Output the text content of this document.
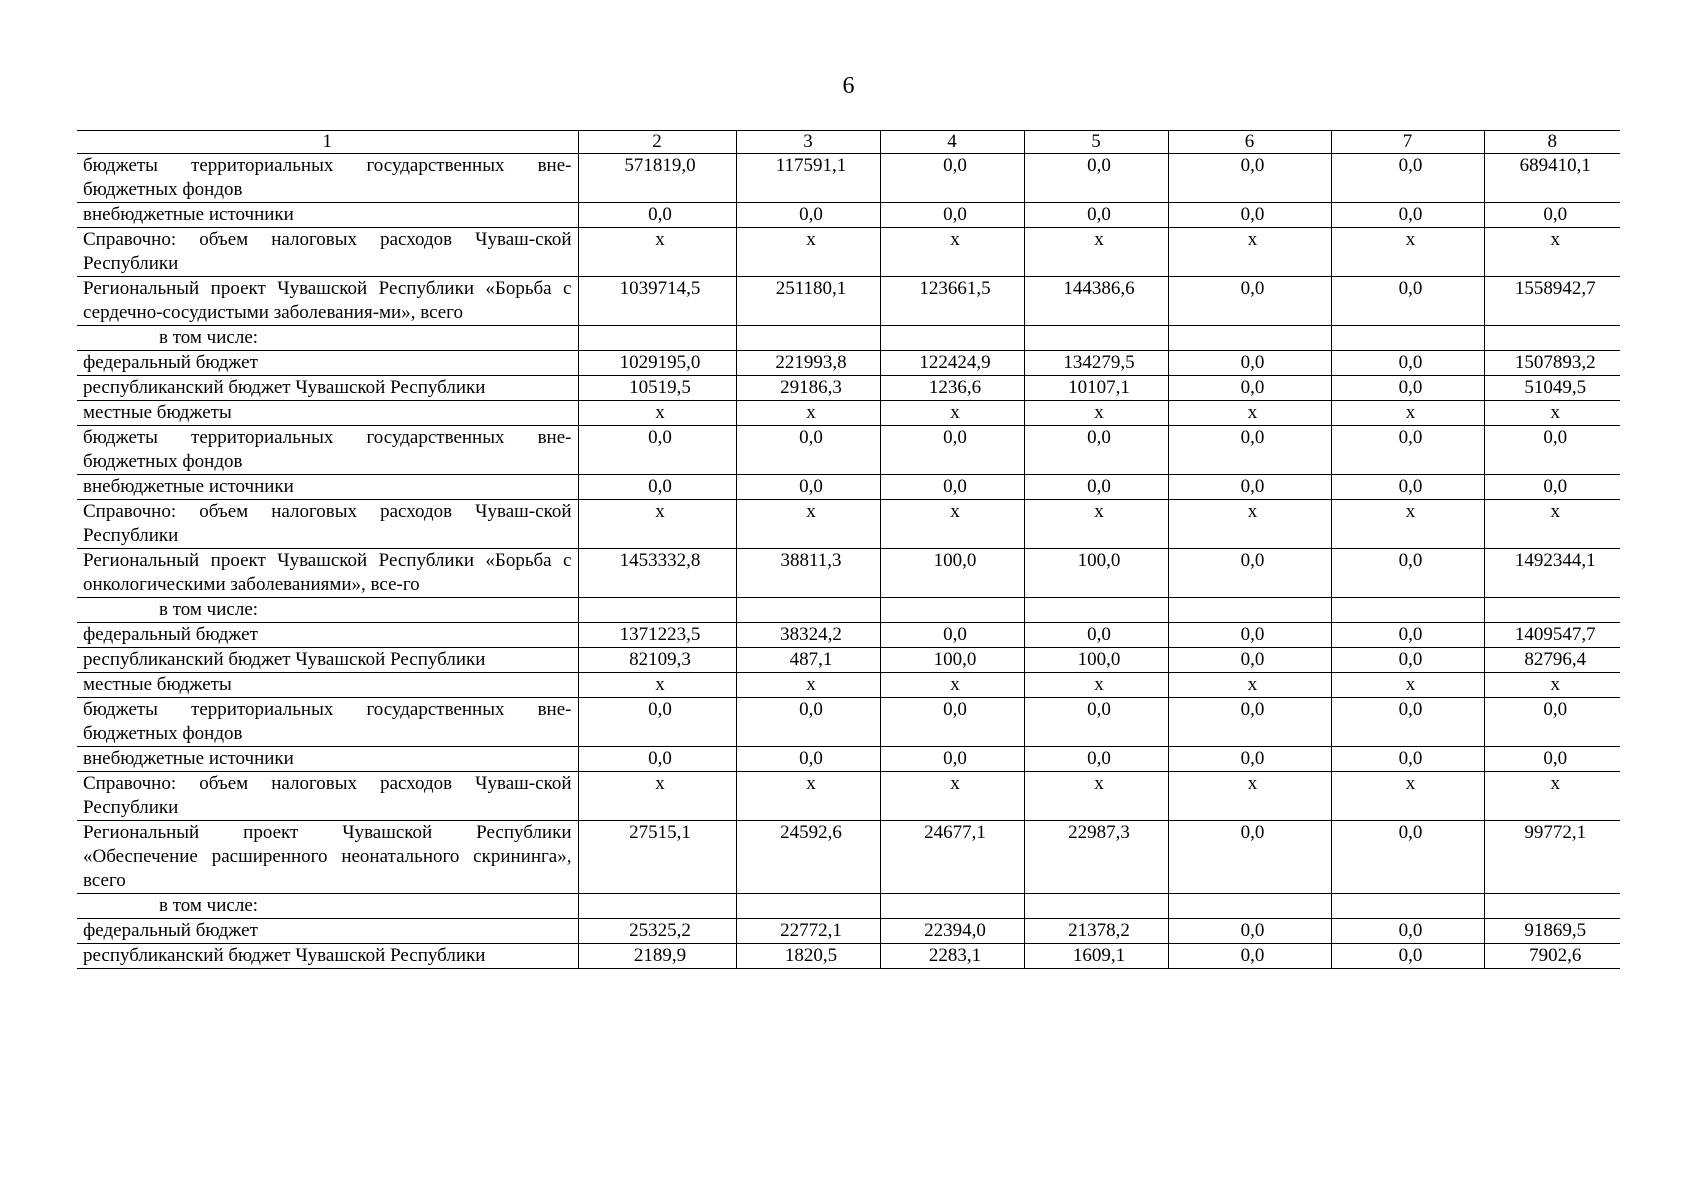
6
1	2	3	4	5	6	7	8
бюджеты территориальных государственных вне-бюджетных фондов	571819,0	117591,1	0,0	0,0	0,0	0,0	689410,1
внебюджетные источники	0,0	0,0	0,0	0,0	0,0	0,0	0,0
Справочно: объем налоговых расходов Чуваш-ской Республики	х	х	х	х	х	х	х
Региональный проект Чувашской Республики «Борьба с сердечно-сосудистыми заболевания-ми», всего	1039714,5	251180,1	123661,5	144386,6	0,0	0,0	1558942,7
в том числе:							
федеральный бюджет	1029195,0	221993,8	122424,9	134279,5	0,0	0,0	1507893,2
республиканский бюджет Чувашской Республики	10519,5	29186,3	1236,6	10107,1	0,0	0,0	51049,5
местные бюджеты	х	х	х	х	х	х	х
бюджеты территориальных государственных вне-бюджетных фондов	0,0	0,0	0,0	0,0	0,0	0,0	0,0
внебюджетные источники	0,0	0,0	0,0	0,0	0,0	0,0	0,0
Справочно: объем налоговых расходов Чуваш-ской Республики	х	х	х	х	х	х	х
Региональный проект Чувашской Республики «Борьба с онкологическими заболеваниями», все-го	1453332,8	38811,3	100,0	100,0	0,0	0,0	1492344,1
в том числе:							
федеральный бюджет	1371223,5	38324,2	0,0	0,0	0,0	0,0	1409547,7
республиканский бюджет Чувашской Республики	82109,3	487,1	100,0	100,0	0,0	0,0	82796,4
местные бюджеты	х	х	х	х	х	х	х
бюджеты территориальных государственных вне-бюджетных фондов	0,0	0,0	0,0	0,0	0,0	0,0	0,0
внебюджетные источники	0,0	0,0	0,0	0,0	0,0	0,0	0,0
Справочно: объем налоговых расходов Чуваш-ской Республики	х	х	х	х	х	х	х
Региональный проект Чувашской Республики «Обеспечение расширенного неонатального скрининга», всего	27515,1	24592,6	24677,1	22987,3	0,0	0,0	99772,1
в том числе:							
федеральный бюджет	25325,2	22772,1	22394,0	21378,2	0,0	0,0	91869,5
республиканский бюджет Чувашской Республики	2189,9	1820,5	2283,1	1609,1	0,0	0,0	7902,6
